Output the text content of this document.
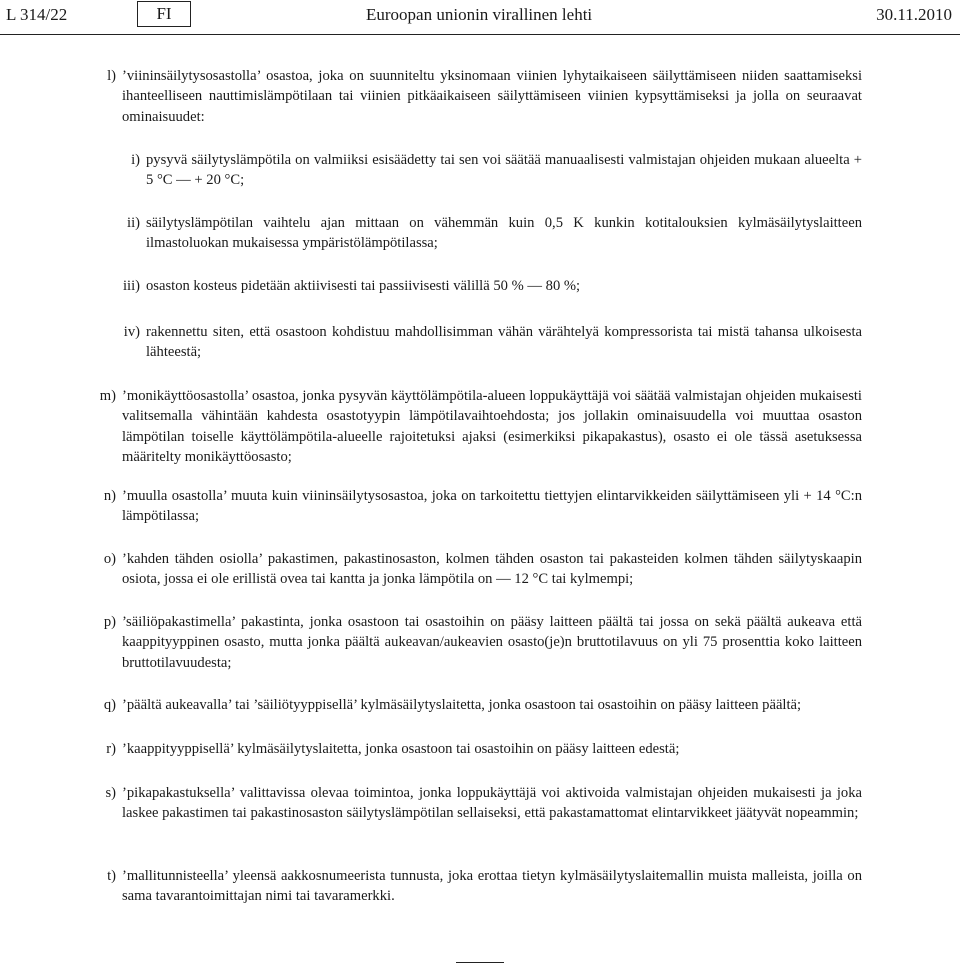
L 314/22	FI	Euroopan unionin virallinen lehti	30.11.2010
l) ’viininsäilytysosastolla’ osastoa, joka on suunniteltu yksinomaan viinien lyhytaikaiseen säilyttämiseen niiden saattamiseksi ihanteelliseen nauttimislämpötilaan tai viinien pitkäaikaiseen säilyttämiseen viinien kypsyttämiseksi ja jolla on seuraavat ominaisuudet:
i) pysyvä säilytyslämpötila on valmiiksi esisäädetty tai sen voi säätää manuaalisesti valmistajan ohjeiden mukaan alueelta + 5 °C — + 20 °C;
ii) säilytyslämpötilan vaihtelu ajan mittaan on vähemmän kuin 0,5 K kunkin kotitalouksien kylmäsäilytyslaitteen ilmastoluokan mukaisessa ympäristölämpötilassa;
iii) osaston kosteus pidetään aktiivisesti tai passiivisesti välillä 50 % — 80 %;
iv) rakennettu siten, että osastoon kohdistuu mahdollisimman vähän värähtelyä kompressorista tai mistä tahansa ulkoisesta lähteestä;
m) ’monikäyttöosastolla’ osastoa, jonka pysyvän käyttölämpötila-alueen loppukäyttäjä voi säätää valmistajan ohjeiden mukaisesti valitsemalla vähintään kahdesta osastotyypin lämpötilavaihtoehdosta; jos jollakin ominaisuudella voi muuttaa osaston lämpötilan toiselle käyttölämpötila-alueelle rajoitetuksi ajaksi (esimerkiksi pikapakastus), osasto ei ole tässä asetuksessa määritelty monikäyttöosasto;
n) ’muulla osastolla’ muuta kuin viininsäilytysosastoa, joka on tarkoitettu tiettyjen elintarvikkeiden säilyttämiseen yli + 14 °C:n lämpötilassa;
o) ’kahden tähden osiolla’ pakastimen, pakastinosaston, kolmen tähden osaston tai pakasteiden kolmen tähden säilytyskaapin osiota, jossa ei ole erillistä ovea tai kantta ja jonka lämpötila on — 12 °C tai kylmempi;
p) ’säiliöpakastimella’ pakastinta, jonka osastoon tai osastoihin on pääsy laitteen päältä tai jossa on sekä päältä aukeava että kaappityyppinen osasto, mutta jonka päältä aukeavan/aukeavien osasto(je)n bruttotilavuus on yli 75 prosenttia koko laitteen bruttotilavuudesta;
q) ’päältä aukeavalla’ tai ’säiliötyyppisellä’ kylmäsäilytyslaitetta, jonka osastoon tai osastoihin on pääsy laitteen päältä;
r) ’kaappityyppisellä’ kylmäsäilytyslaitetta, jonka osastoon tai osastoihin on pääsy laitteen edestä;
s) ’pikapakastuksella’ valittavissa olevaa toimintoa, jonka loppukäyttäjä voi aktivoida valmistajan ohjeiden mukaisesti ja joka laskee pakastimen tai pakastinosaston säilytyslämpötilan sellaiseksi, että pakastamattomat elintarvikkeet jäätyvät nopeammin;
t) ’mallitunnisteella’ yleensä aakkosnumeerista tunnusta, joka erottaa tietyn kylmäsäilytyslaitemallin muista malleista, joilla on sama tavarantoimittajan nimi tai tavaramerkki.
